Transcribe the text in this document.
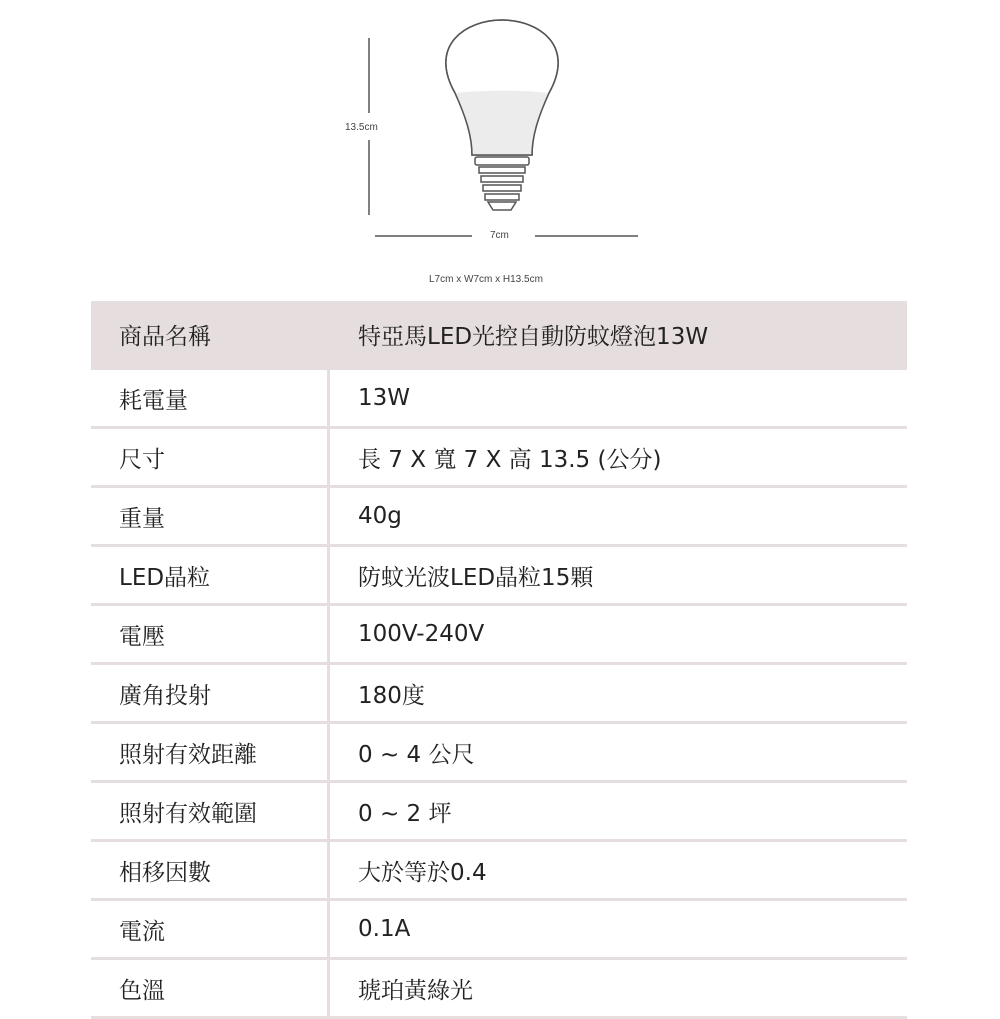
13.5cm
7cm
L7cm x W7cm x H13.5cm
商品名稱	特亞馬LED光控自動防蚊燈泡13W
耗電量	13W
尺寸	長 7 X 寬 7 X 高 13.5 (公分)
重量	40g
LED晶粒	防蚊光波LED晶粒15顆
電壓	100V-240V
廣角投射	180度
照射有效距離	0 ~ 4 公尺
照射有效範圍	0 ~ 2 坪
相移因數	大於等於0.4
電流	0.1A
色溫	琥珀黃綠光
